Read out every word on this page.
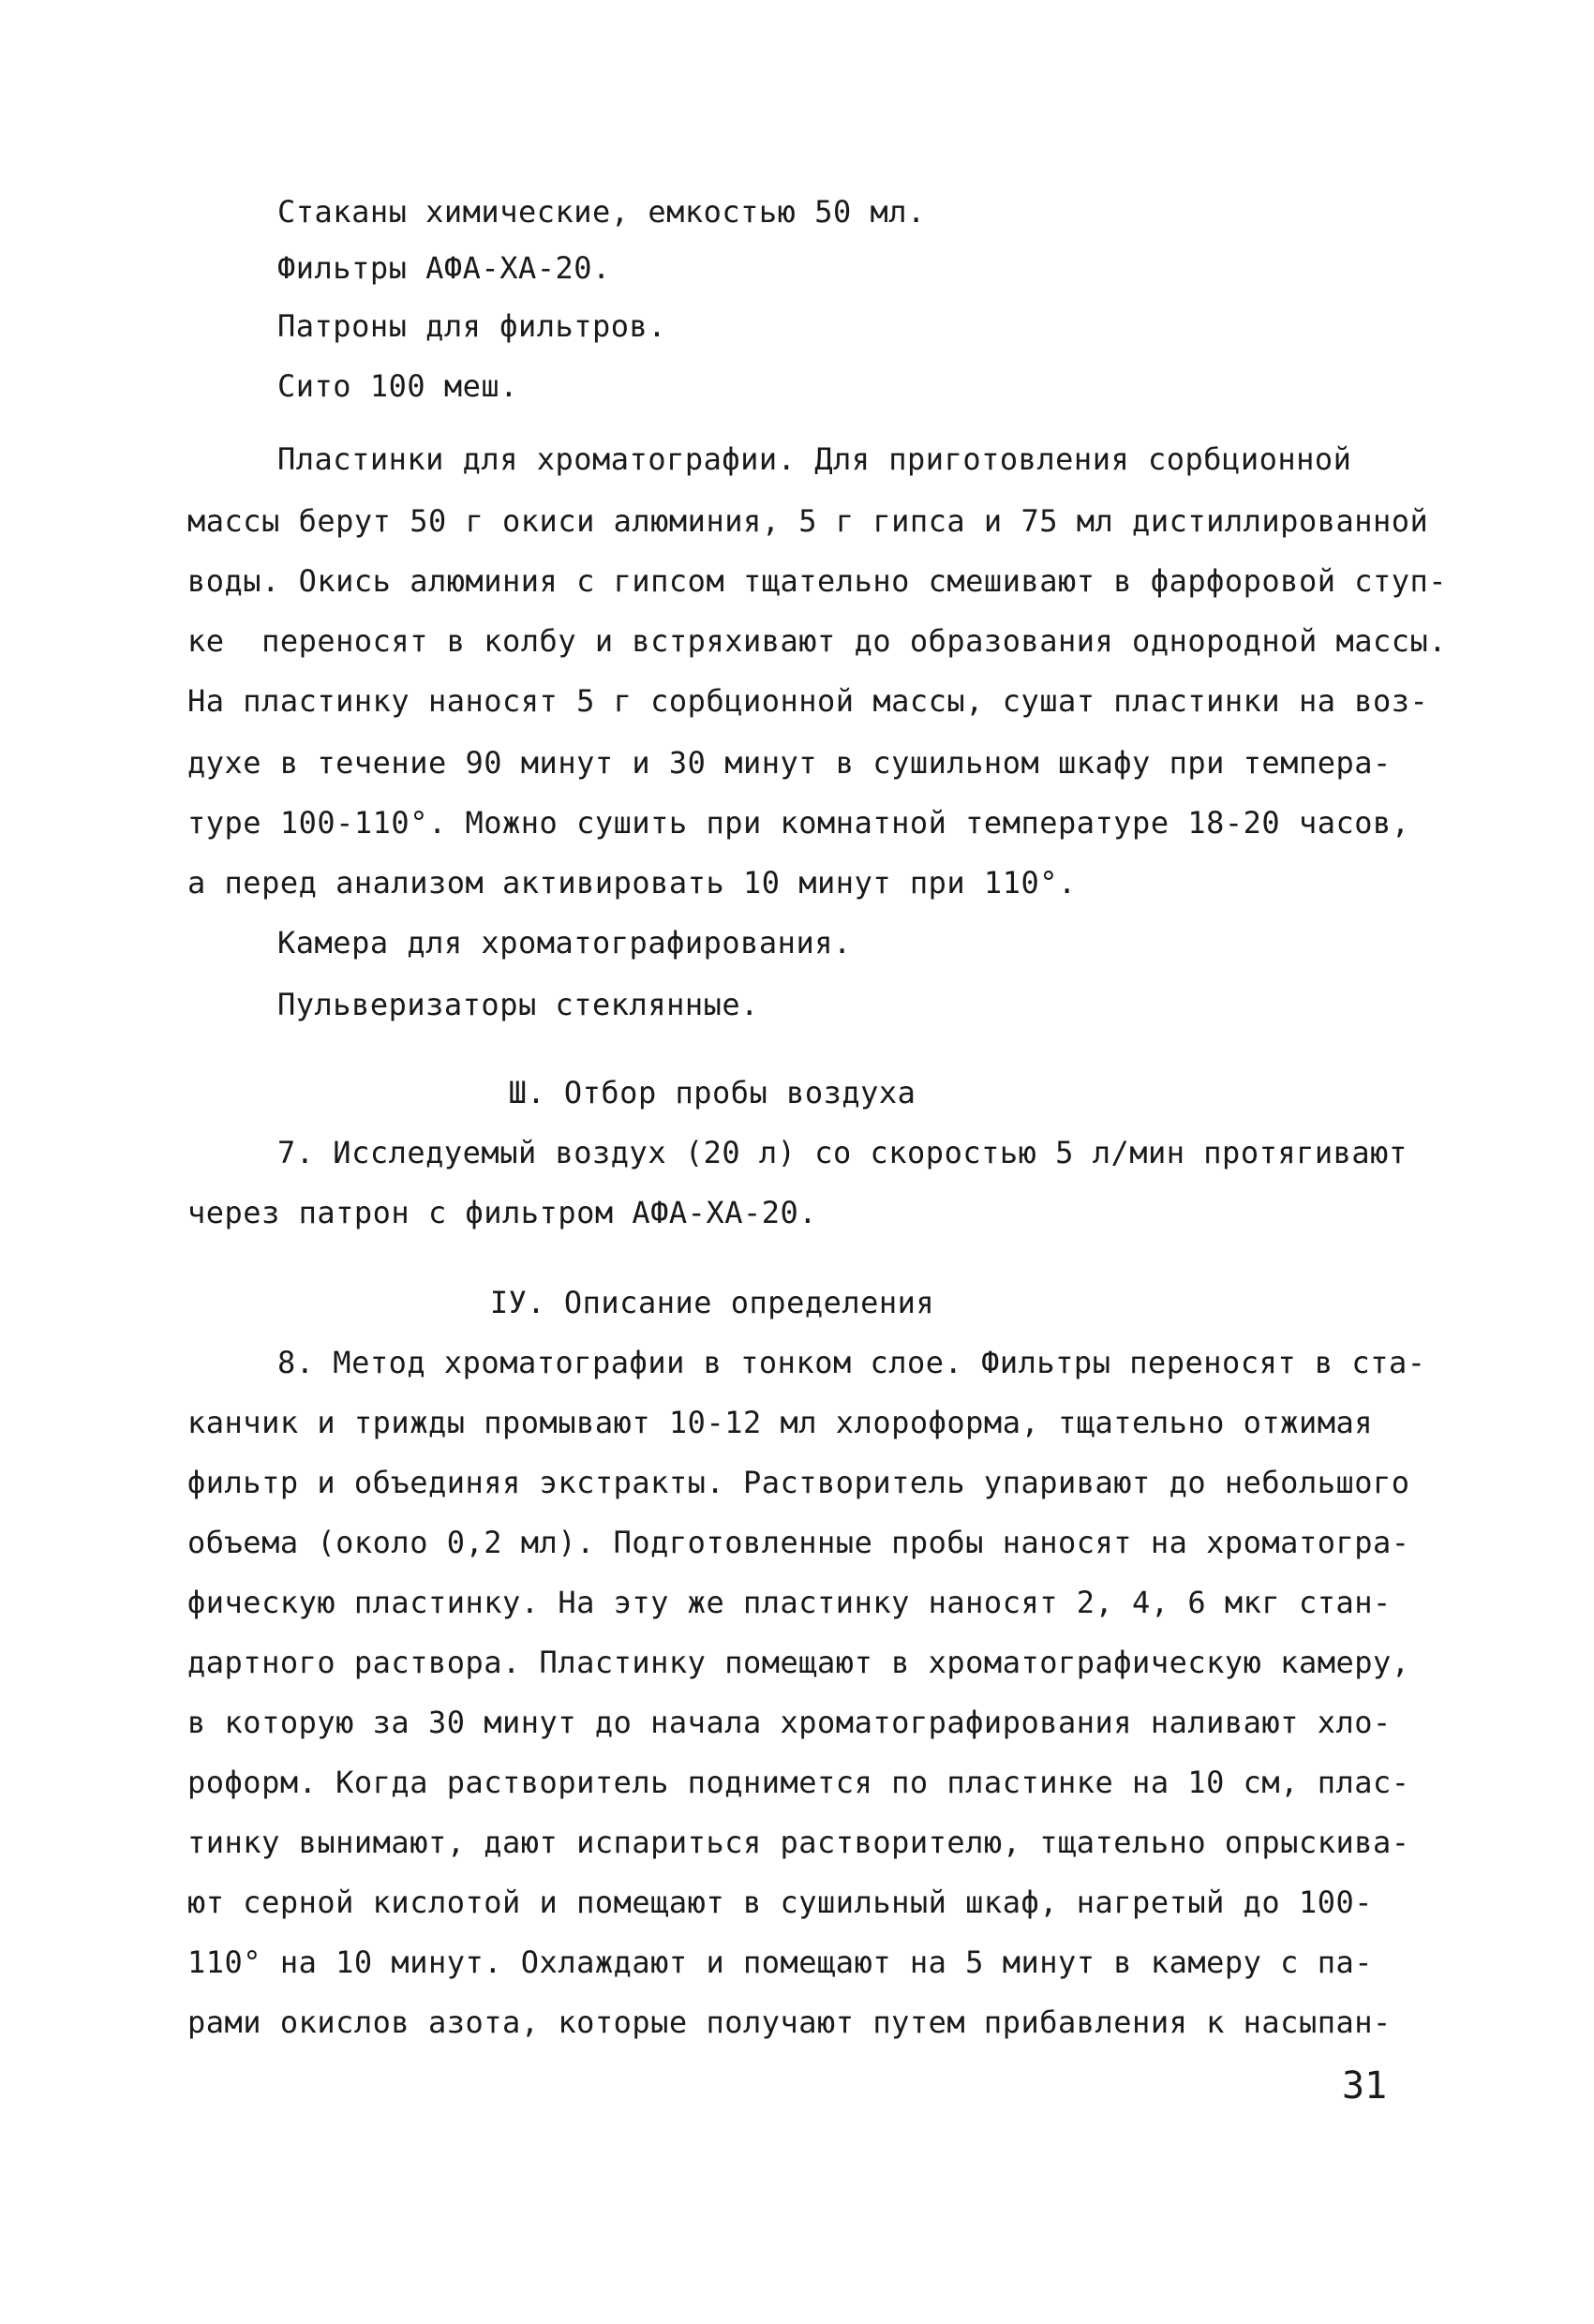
Стаканы химические, емкостью 50 мл.
Фильтры АФА-ХА-20.
Патроны для фильтров.
Сито 100 меш.
Пластинки для хроматографии. Для приготовления сорбционной
массы берут 50 г окиси алюминия, 5 г гипса и 75 мл дистиллированной
воды. Окись алюминия с гипсом тщательно смешивают в фарфоровой ступ-
ке  переносят в колбу и встряхивают до образования однородной массы.
На пластинку наносят 5 г сорбционной массы, сушат пластинки на воз-
духе в течение 90 минут и 30 минут в сушильном шкафу при темпера-
туре 100-110°. Можно сушить при комнатной температуре 18-20 часов,
а перед анализом активировать 10 минут при 110°.
Камера для хроматографирования.
Пульверизаторы стеклянные.
Ш. Отбор пробы воздуха
7. Исследуемый воздух (20 л) со скоростью 5 л/мин протягивают
через патрон с фильтром АФА-ХА-20.
IУ. Описание определения
8. Метод хроматографии в тонком слое. Фильтры переносят в ста-
канчик и трижды промывают 10-12 мл хлороформа, тщательно отжимая
фильтр и объединяя экстракты. Растворитель упаривают до небольшого
объема (около 0,2 мл). Подготовленные пробы наносят на хроматогра-
фическую пластинку. На эту же пластинку наносят 2, 4, 6 мкг стан-
дартного раствора. Пластинку помещают в хроматографическую камеру,
в которую за 30 минут до начала хроматографирования наливают хло-
роформ. Когда растворитель поднимется по пластинке на 10 см, плас-
тинку вынимают, дают испариться растворителю, тщательно опрыскива-
ют серной кислотой и помещают в сушильный шкаф, нагретый до 100-
110° на 10 минут. Охлаждают и помещают на 5 минут в камеру с па-
рами окислов азота, которые получают путем прибавления к насыпан-
31
